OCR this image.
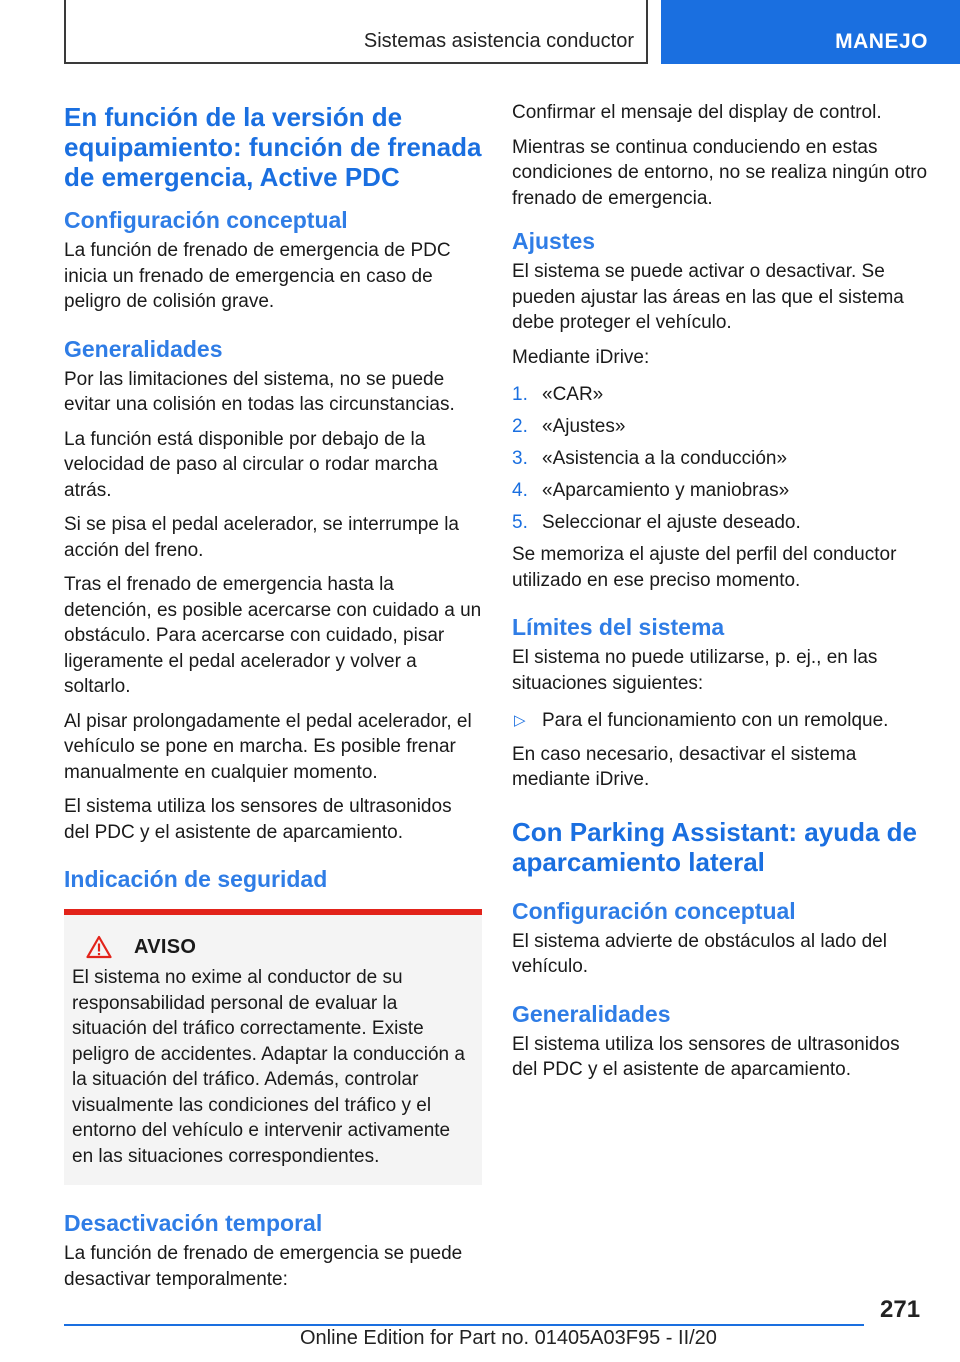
Sistemas asistencia conductor	MANEJO
En función de la versión de equipamiento: función de frenada de emergencia, Active PDC
Configuración conceptual

La función de frenado de emergencia de PDC inicia un frenado de emergencia en caso de peligro de colisión grave.

Generalidades

Por las limitaciones del sistema, no se puede evitar una colisión en todas las circunstancias.

La función está disponible por debajo de la velocidad de paso al circular o rodar marcha atrás.

Si se pisa el pedal acelerador, se interrumpe la acción del freno.

Tras el frenado de emergencia hasta la detención, es posible acercarse con cuidado a un obstáculo. Para acercarse con cuidado, pisar ligeramente el pedal acelerador y volver a soltarlo.

Al pisar prolongadamente el pedal acelerador, el vehículo se pone en marcha. Es posible frenar manualmente en cualquier momento.

El sistema utiliza los sensores de ultrasonidos del PDC y el asistente de aparcamiento.

Indicación de seguridad
AVISO

El sistema no exime al conductor de su responsabilidad personal de evaluar la situación del tráfico correctamente. Existe peligro de accidentes. Adaptar la conducción a la situación del tráfico. Además, controlar visualmente las condiciones del tráfico y el entorno del vehículo e intervenir activamente en las situaciones correspondientes.

Desactivación temporal

La función de frenado de emergencia se puede desactivar temporalmente:

Confirmar el mensaje del display de control.

Mientras se continua conduciendo en estas condiciones de entorno, no se realiza ningún otro frenado de emergencia.

Ajustes

El sistema se puede activar o desactivar. Se pueden ajustar las áreas en las que el sistema debe proteger el vehículo.

Mediante iDrive:

1. «CAR»
2. «Ajustes»
3. «Asistencia a la conducción»
4. «Aparcamiento y maniobras»
5. Seleccionar el ajuste deseado.

Se memoriza el ajuste del perfil del conductor utilizado en ese preciso momento.

Límites del sistema

El sistema no puede utilizarse, p. ej., en las situaciones siguientes:

▷ Para el funcionamiento con un remolque.

En caso necesario, desactivar el sistema mediante iDrive.

Con Parking Assistant: ayuda de aparcamiento lateral
Configuración conceptual

El sistema advierte de obstáculos al lado del vehículo.

Generalidades

El sistema utiliza los sensores de ultrasonidos del PDC y el asistente de aparcamiento.

271
Online Edition for Part no. 01405A03F95 - II/20
